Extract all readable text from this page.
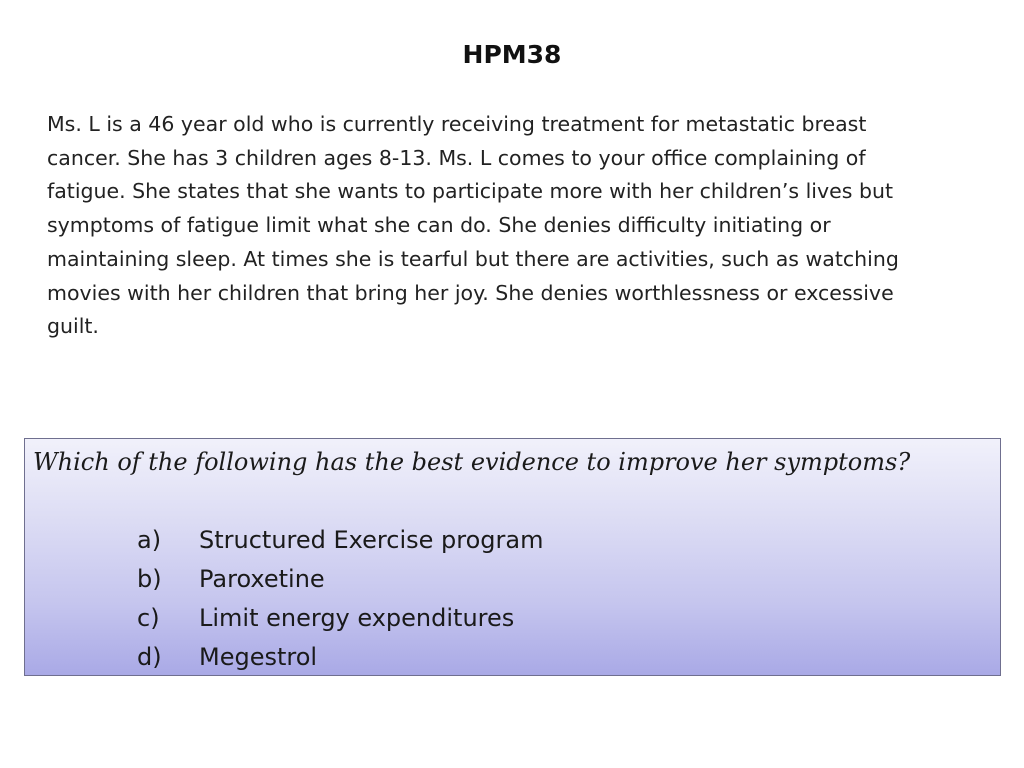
HPM38

Ms. L is a 46 year old who is currently receiving treatment for metastatic breast
cancer. She has 3 children ages 8-13. Ms. L comes to your office complaining of
fatigue. She states that she wants to participate more with her children’s lives but
symptoms of fatigue limit what she can do. She denies difficulty initiating or
maintaining sleep. At times she is tearful but there are activities, such as watching
movies with her children that bring her joy. She denies worthlessness or excessive
guilt.

Which of the following has the best evidence to improve her symptoms?
a)	Structured Exercise program
b)	Paroxetine
c)	Limit energy expenditures
d)	Megestrol
